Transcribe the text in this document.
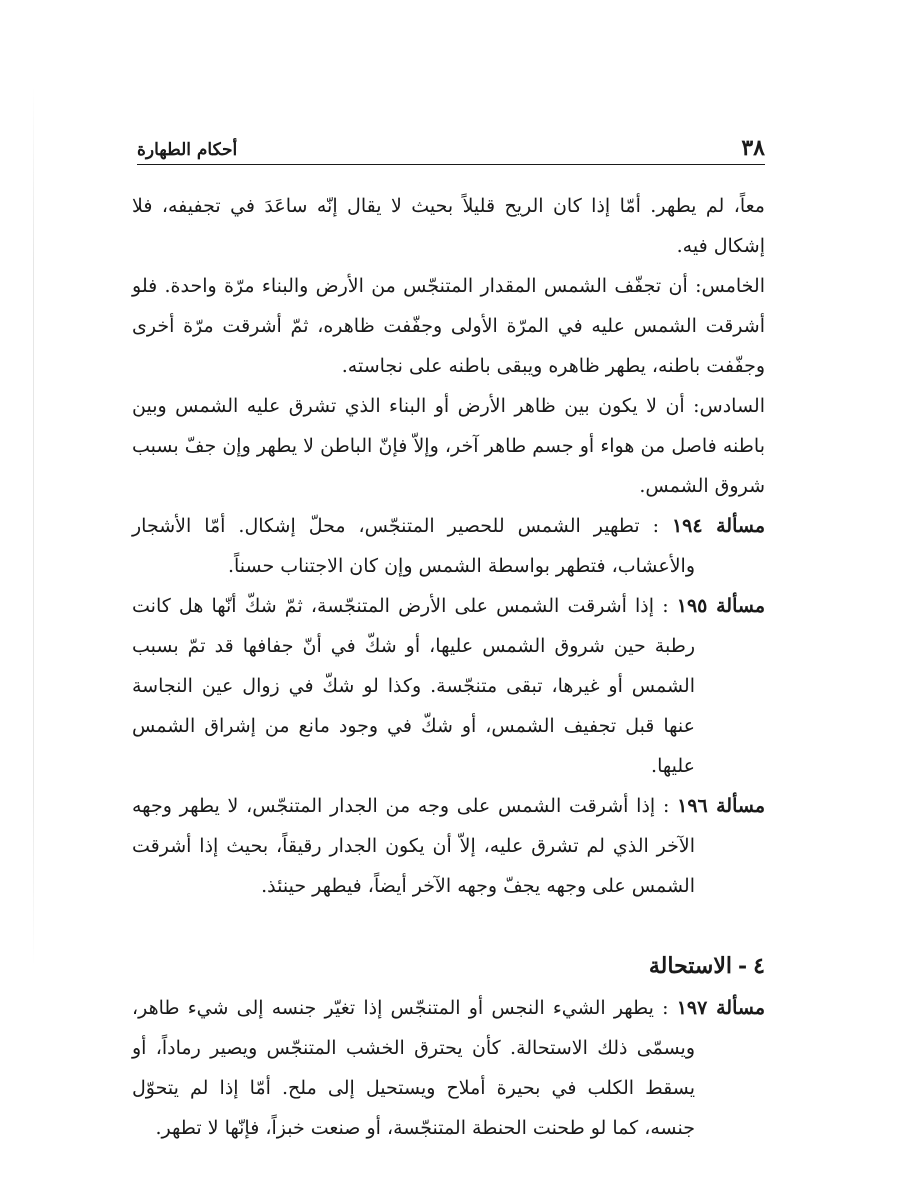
٣٨
أحكام الطهارة

معاً، لم يطهر. أمّا إذا كان الريح قليلاً بحيث لا يقال إنّه ساعَدَ في تجفيفه، فلا إشكال فيه.

الخامس: أن تجفّف الشمس المقدار المتنجّس من الأرض والبناء مرّة واحدة. فلو أشرقت الشمس عليه في المرّة الأولى وجفّفت ظاهره، ثمّ أشرقت مرّة أخرى وجفّفت باطنه، يطهر ظاهره ويبقى باطنه على نجاسته.

السادس: أن لا يكون بين ظاهر الأرض أو البناء الذي تشرق عليه الشمس وبين باطنه فاصل من هواء أو جسم طاهر آخر، وإلاّ فإنّ الباطن لا يطهر وإن جفّ بسبب شروق الشمس.

مسألة ١٩٤ : تطهير الشمس للحصير المتنجّس، محلّ إشكال. أمّا الأشجار والأعشاب، فتطهر بواسطة الشمس وإن كان الاجتناب حسناً.

مسألة ١٩٥ : إذا أشرقت الشمس على الأرض المتنجّسة، ثمّ شكّ أنّها هل كانت رطبة حين شروق الشمس عليها، أو شكّ في أنّ جفافها قد تمّ بسبب الشمس أو غيرها، تبقى متنجّسة. وكذا لو شكّ في زوال عين النجاسة عنها قبل تجفيف الشمس، أو شكّ في وجود مانع من إشراق الشمس عليها.

مسألة ١٩٦ : إذا أشرقت الشمس على وجه من الجدار المتنجّس، لا يطهر وجهه الآخر الذي لم تشرق عليه، إلاّ أن يكون الجدار رقيقاً، بحيث إذا أشرقت الشمس على وجهه يجفّ وجهه الآخر أيضاً، فيطهر حينئذ.

٤-الاستحالة

مسألة ١٩٧ : يطهر الشيء النجس أو المتنجّس إذا تغيّر جنسه إلى شيء طاهر، ويسمّى ذلك الاستحالة. كأن يحترق الخشب المتنجّس ويصير رماداً، أو يسقط الكلب في بحيرة أملاح ويستحيل إلى ملح. أمّا إذا لم يتحوّل جنسه، كما لو طحنت الحنطة المتنجّسة، أو صنعت خبزاً، فإنّها لا تطهر.
